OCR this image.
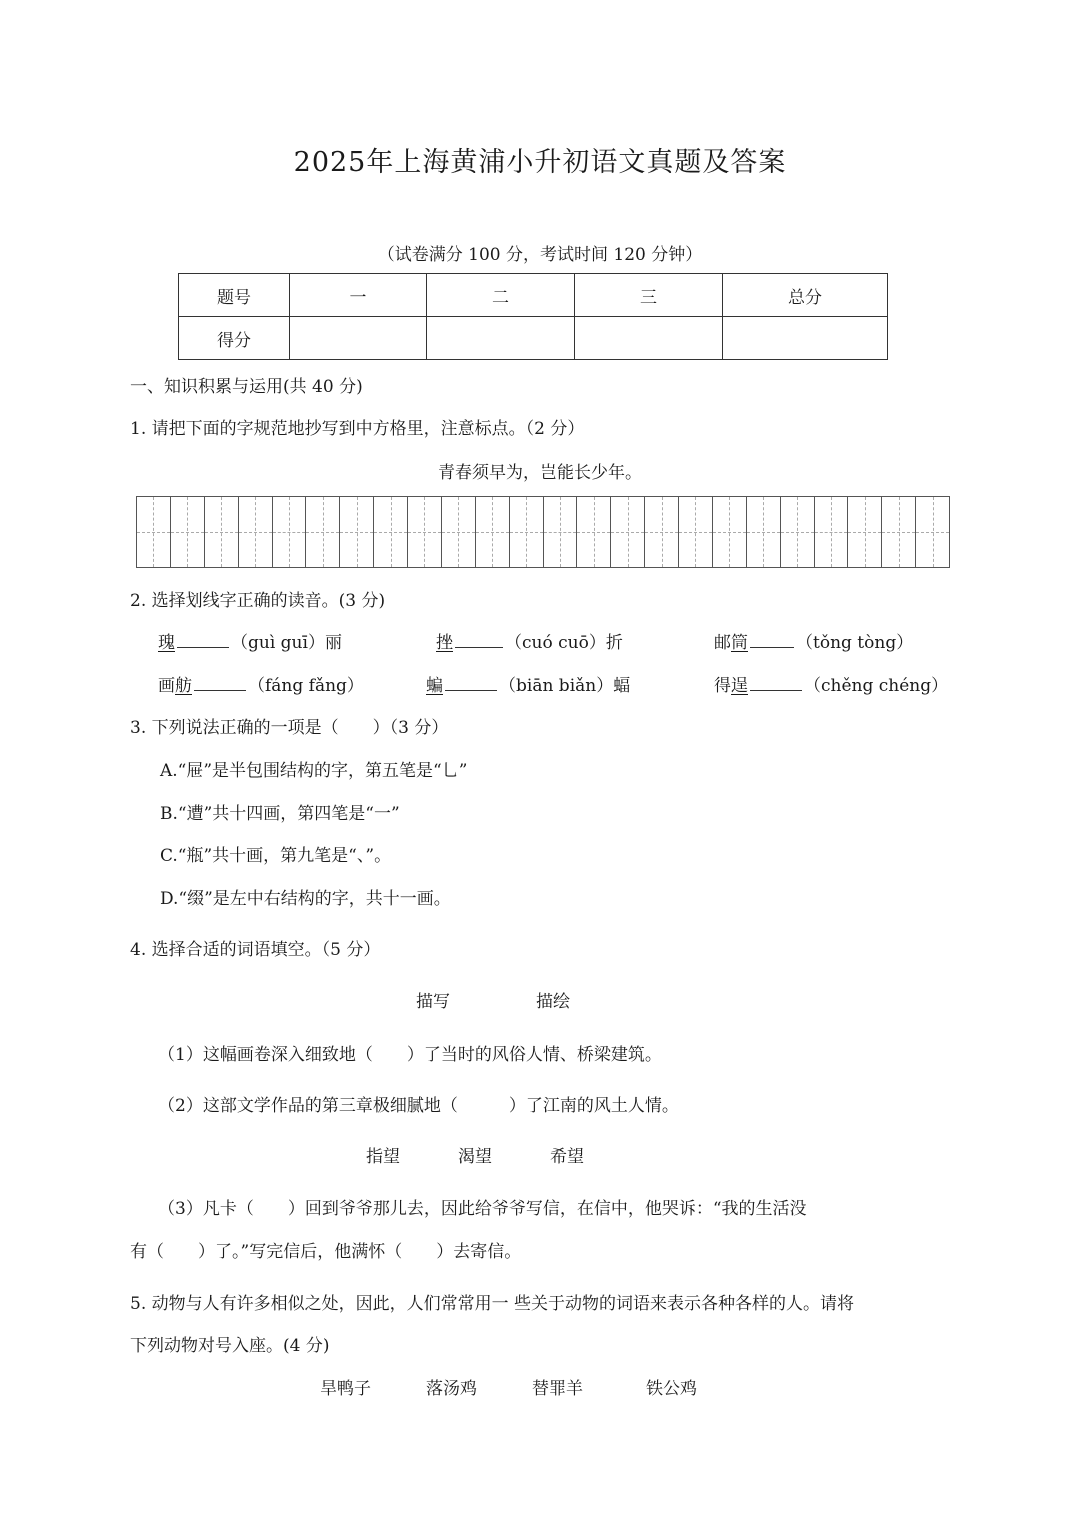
2025年上海黄浦小升初语文真题及答案
（试卷满分 100 分，考试时间 120 分钟）
题号	一	二	三	总分
得分				
一、知识积累与运用(共 40 分)
1. 请把下面的字规范地抄写到中方格里，注意标点。（2 分）
青春须早为，岂能长少年。
2. 选择划线字正确的读音。(3 分)
瑰	（guì guī）丽	挫	（cuó cuō）折	邮筒	（tǒng tòng）
画舫	（fáng fǎng）	蝙	（biān biǎn）蝠	得逞	（chěng chéng）
3. 下列说法正确的一项是（　　）（3 分）
A.“屉”是半包围结构的字，第五笔是“乚”
B.“遭”共十四画，第四笔是“一”
C.“瓶”共十画，第九笔是“、”。
D.“缀”是左中右结构的字，共十一画。
4. 选择合适的词语填空。（5 分）
描写	描绘
（1）这幅画卷深入细致地（　　）了当时的风俗人情、桥梁建筑。
（2）这部文学作品的第三章极细腻地（　　　）了江南的风土人情。
指望	渴望	希望
（3）凡卡（　　）回到爷爷那儿去，因此给爷爷写信，在信中，他哭诉：“我的生活没
有（　　）了。”写完信后，他满怀（　　）去寄信。
5. 动物与人有许多相似之处，因此，人们常常用一 些关于动物的词语来表示各种各样的人。请将
下列动物对号入座。(4 分)
旱鸭子	落汤鸡	替罪羊	铁公鸡
